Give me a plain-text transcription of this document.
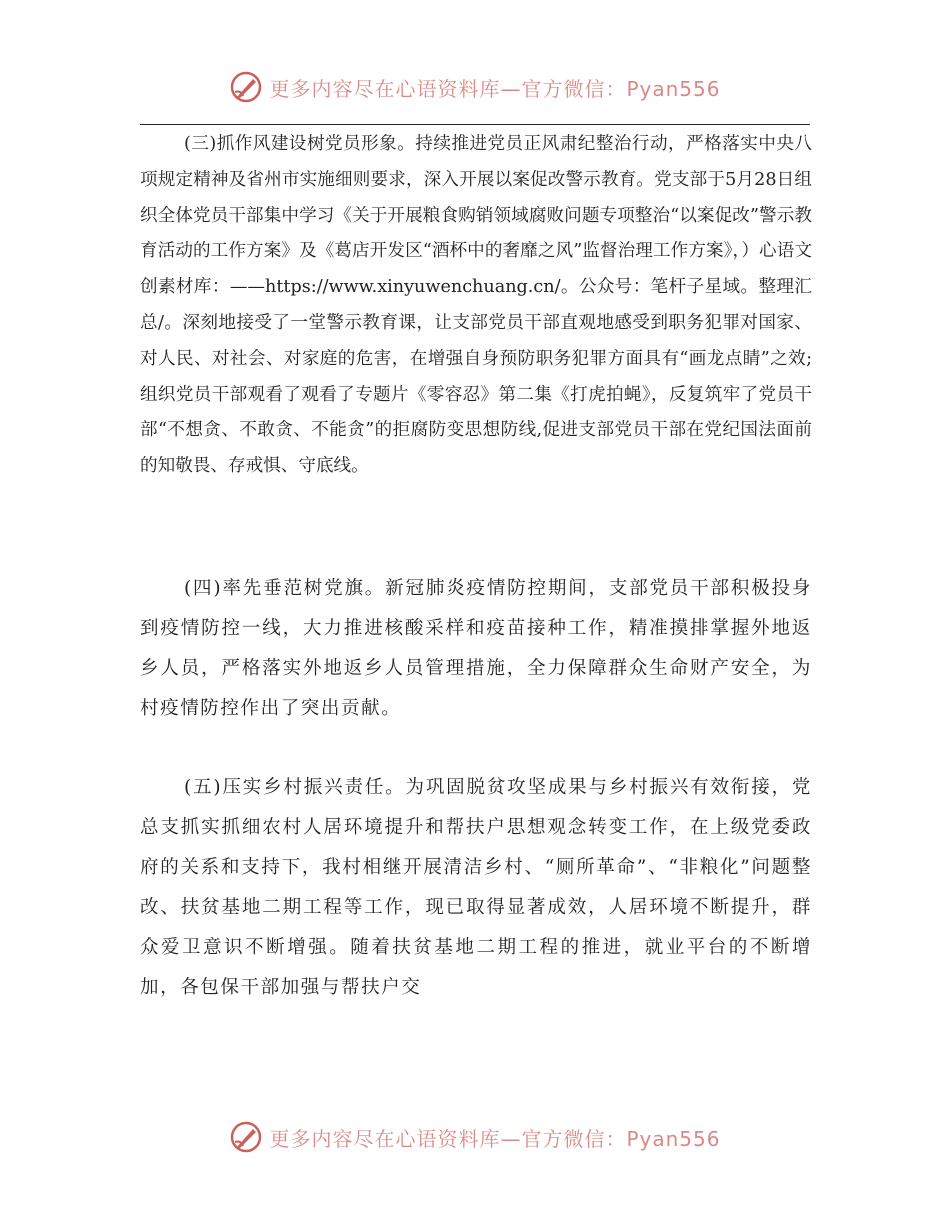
更多内容尽在心语资料库—官方微信：Pyan556

(三)抓作风建设树党员形象。持续推进党员正风肃纪整治行动，严格落实中央八项规定精神及省州市实施细则要求，深入开展以案促改警示教育。党支部于5月28日组织全体党员干部集中学习《关于开展粮食购销领域腐败问题专项整治“以案促改”警示教育活动的工作方案》及《葛店开发区“酒杯中的奢靡之风”监督治理工作方案》，）心语文创素材库：——https://www.xinyuwenchuang.cn/。公众号：笔杆子星域。整理汇总/。深刻地接受了一堂警示教育课，让支部党员干部直观地感受到职务犯罪对国家、对人民、对社会、对家庭的危害，在增强自身预防职务犯罪方面具有“画龙点睛”之效;组织党员干部观看了观看了专题片《零容忍》第二集《打虎拍蝇》，反复筑牢了党员干部“不想贪、不敢贪、不能贪”的拒腐防变思想防线,促进支部党员干部在党纪国法面前的知敬畏、存戒惧、守底线。

(四)率先垂范树党旗。新冠肺炎疫情防控期间，支部党员干部积极投身到疫情防控一线，大力推进核酸采样和疫苗接种工作，精准摸排掌握外地返乡人员，严格落实外地返乡人员管理措施，全力保障群众生命财产安全，为村疫情防控作出了突出贡献。

(五)压实乡村振兴责任。为巩固脱贫攻坚成果与乡村振兴有效衔接，党总支抓实抓细农村人居环境提升和帮扶户思想观念转变工作，在上级党委政府的关系和支持下，我村相继开展清洁乡村、“厕所革命”、“非粮化”问题整改、扶贫基地二期工程等工作，现已取得显著成效，人居环境不断提升，群众爱卫意识不断增强。随着扶贫基地二期工程的推进，就业平台的不断增加，各包保干部加强与帮扶户交

更多内容尽在心语资料库—官方微信：Pyan556
